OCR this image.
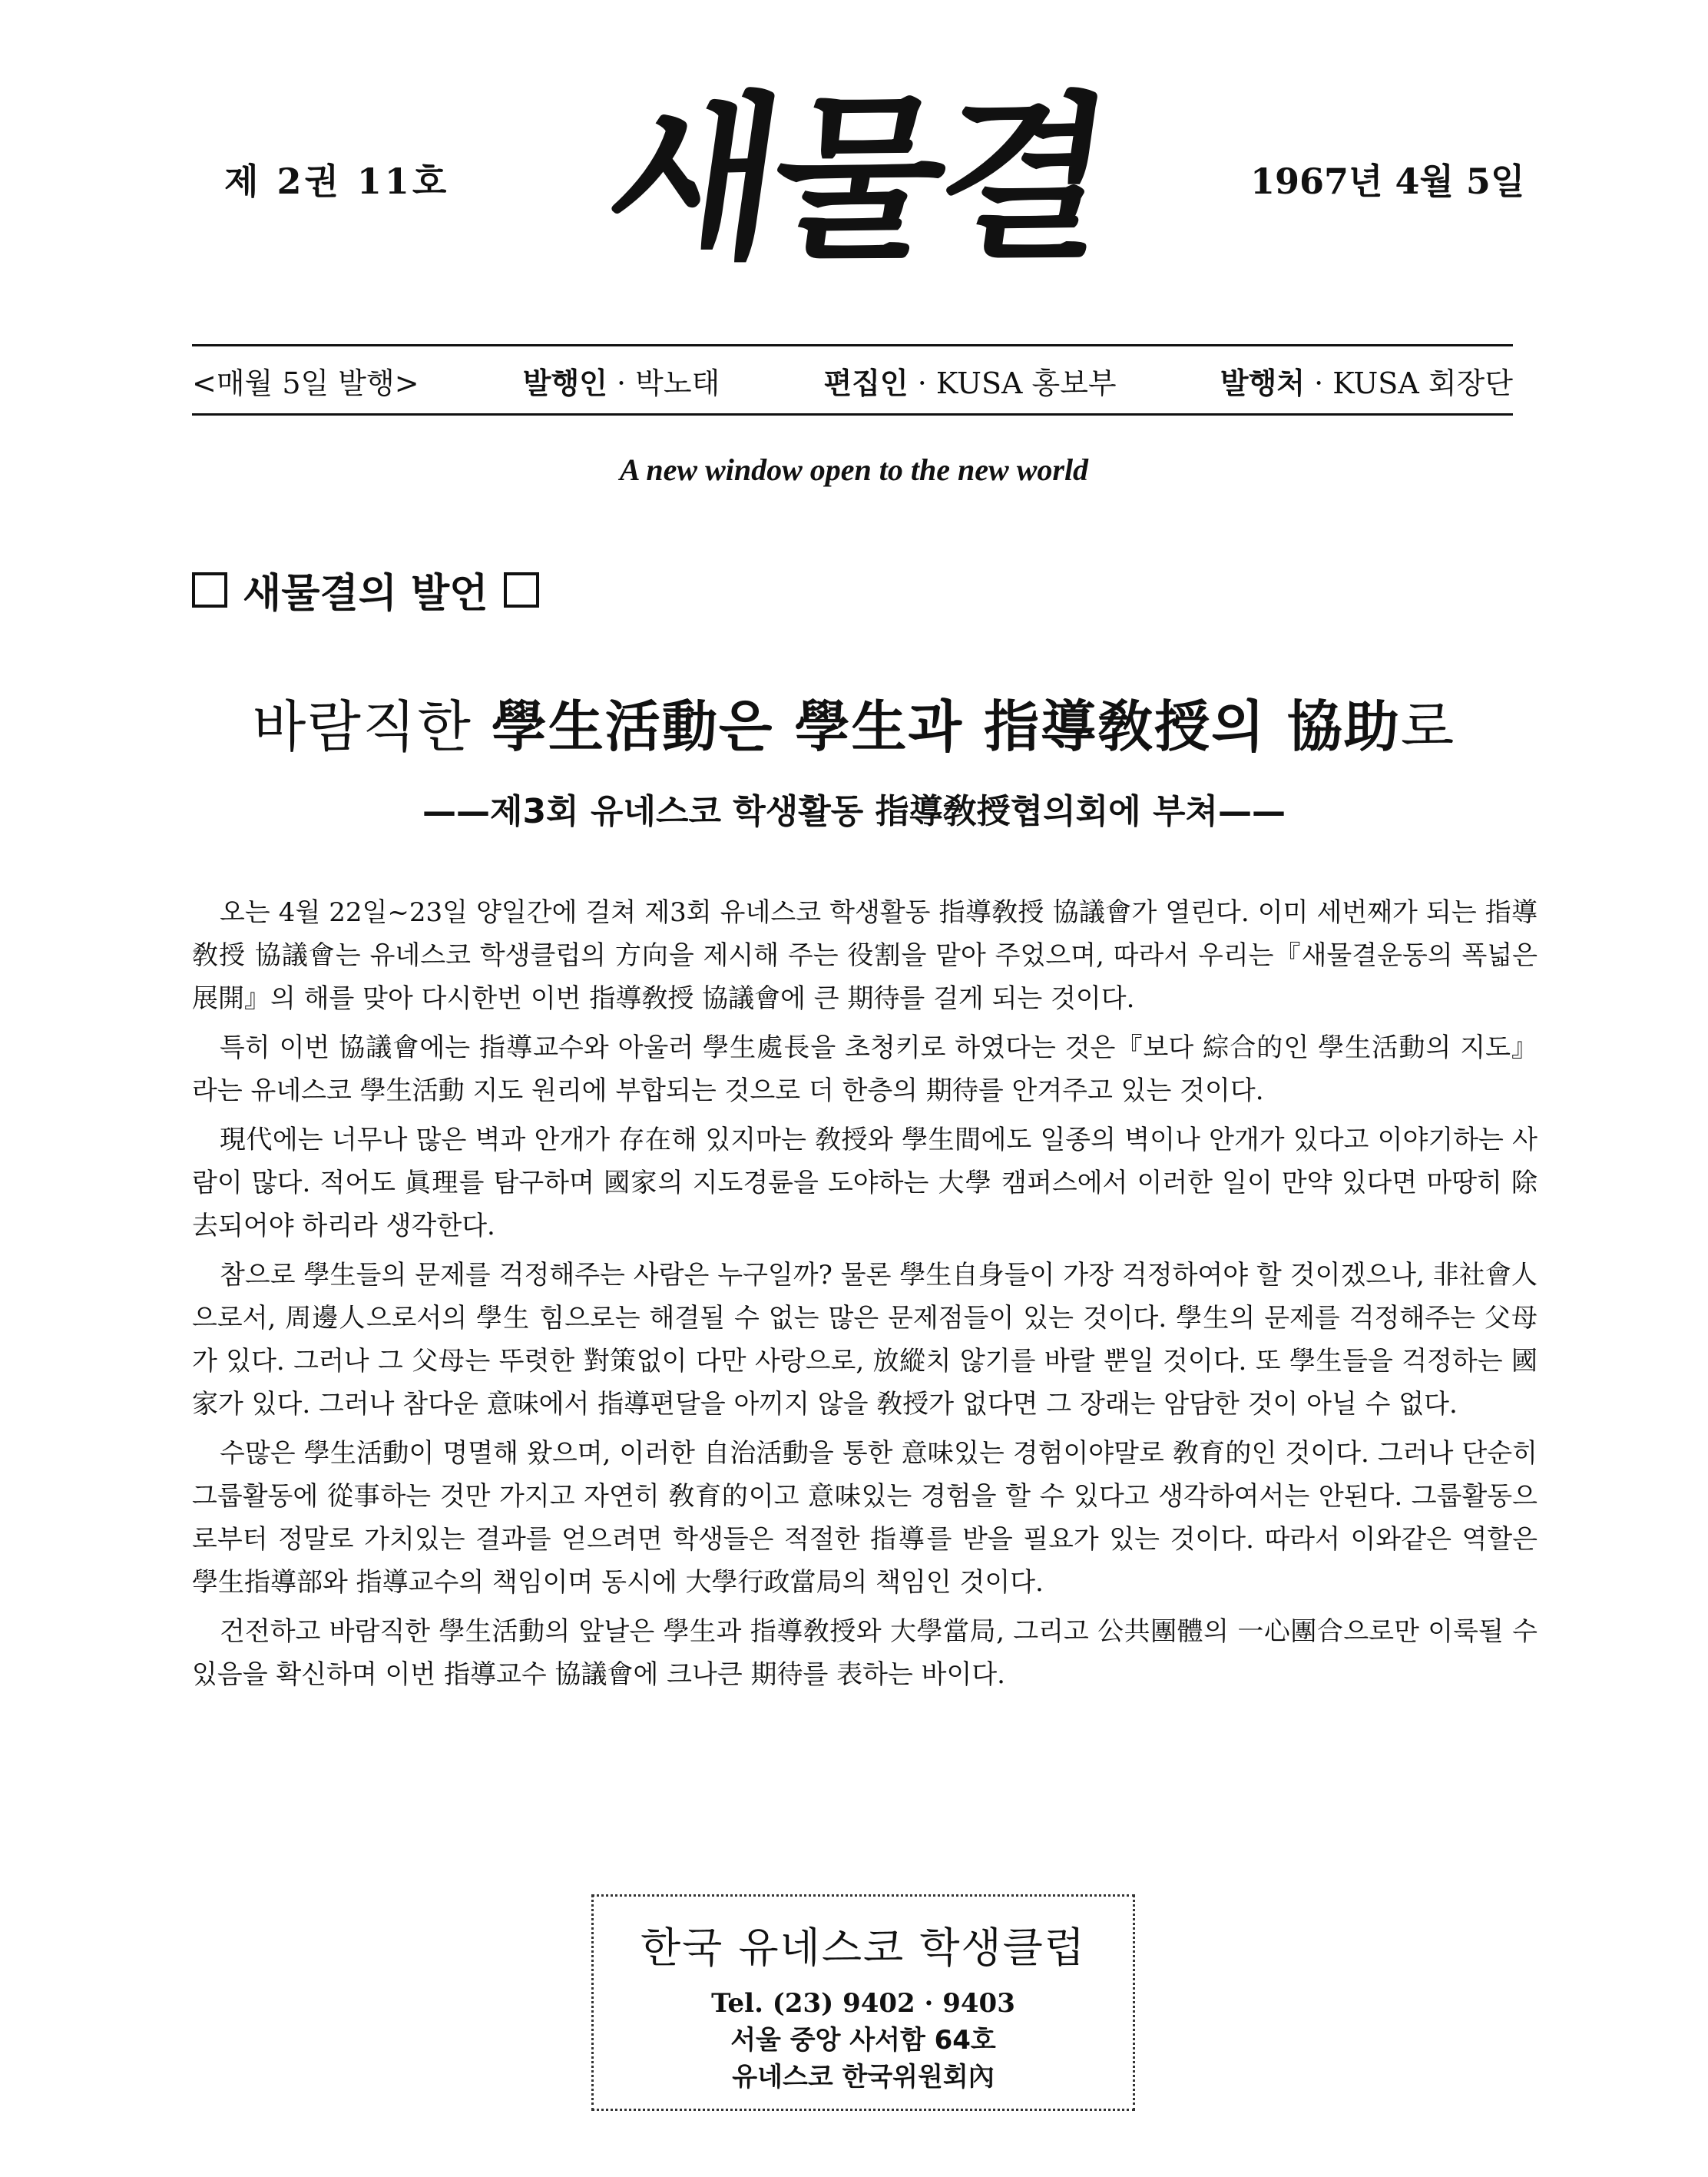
제 2권 11호 새물결	1967년 4월 5일
<매월 5일 발행>	발행인 · 박노태	편집인 · KUSA 홍보부	발행처 · KUSA 회장단
A new window open to the new world
새물결의 발언
바람직한 學生活動은 學生과 指導敎授의 協助로
——제3회 유네스코 학생활동 指導敎授협의회에 부쳐——

오는 4월 22일~23일 양일간에 걸쳐 제3회 유네스코 학생활동 指導敎授 協議會가 열린다. 이미 세번째가 되는 指導敎授 協議會는 유네스코 학생클럽의 方向을 제시해 주는 役割을 맡아 주었으며, 따라서 우리는『새물결운동의 폭넓은 展開』의 해를 맞아 다시한번 이번 指導敎授 協議會에 큰 期待를 걸게 되는 것이다.

특히 이번 協議會에는 指導교수와 아울러 學生處長을 초청키로 하였다는 것은『보다 綜合的인 學生活動의 지도』라는 유네스코 學生活動 지도 원리에 부합되는 것으로 더 한층의 期待를 안겨주고 있는 것이다.

現代에는 너무나 많은 벽과 안개가 存在해 있지마는 敎授와 學生間에도 일종의 벽이나 안개가 있다고 이야기하는 사람이 많다. 적어도 眞理를 탐구하며 國家의 지도경륜을 도야하는 大學 캠퍼스에서 이러한 일이 만약 있다면 마땅히 除去되어야 하리라 생각한다.

참으로 學生들의 문제를 걱정해주는 사람은 누구일까? 물론 學生自身들이 가장 걱정하여야 할 것이겠으나, 非社會人으로서, 周邊人으로서의 學生 힘으로는 해결될 수 없는 많은 문제점들이 있는 것이다. 學生의 문제를 걱정해주는 父母가 있다. 그러나 그 父母는 뚜렷한 對策없이 다만 사랑으로, 放縱치 않기를 바랄 뿐일 것이다. 또 學生들을 걱정하는 國家가 있다. 그러나 참다운 意味에서 指導편달을 아끼지 않을 敎授가 없다면 그 장래는 암담한 것이 아닐 수 없다.

수많은 學生活動이 명멸해 왔으며, 이러한 自治活動을 통한 意味있는 경험이야말로 敎育的인 것이다. 그러나 단순히 그룹활동에 從事하는 것만 가지고 자연히 敎育的이고 意味있는 경험을 할 수 있다고 생각하여서는 안된다. 그룹활동으로부터 정말로 가치있는 결과를 얻으려면 학생들은 적절한 指導를 받을 필요가 있는 것이다. 따라서 이와같은 역할은 學生指導部와 指導교수의 책임이며 동시에 大學行政當局의 책임인 것이다.

건전하고 바람직한 學生活動의 앞날은 學生과 指導敎授와 大學當局, 그리고 公共團體의 一心團合으로만 이룩될 수 있음을 확신하며 이번 指導교수 協議會에 크나큰 期待를 表하는 바이다.

한국 유네스코 학생클럽
Tel. (23) 9402 · 9403
서울 중앙 사서함 64호
유네스코 한국위원회內
